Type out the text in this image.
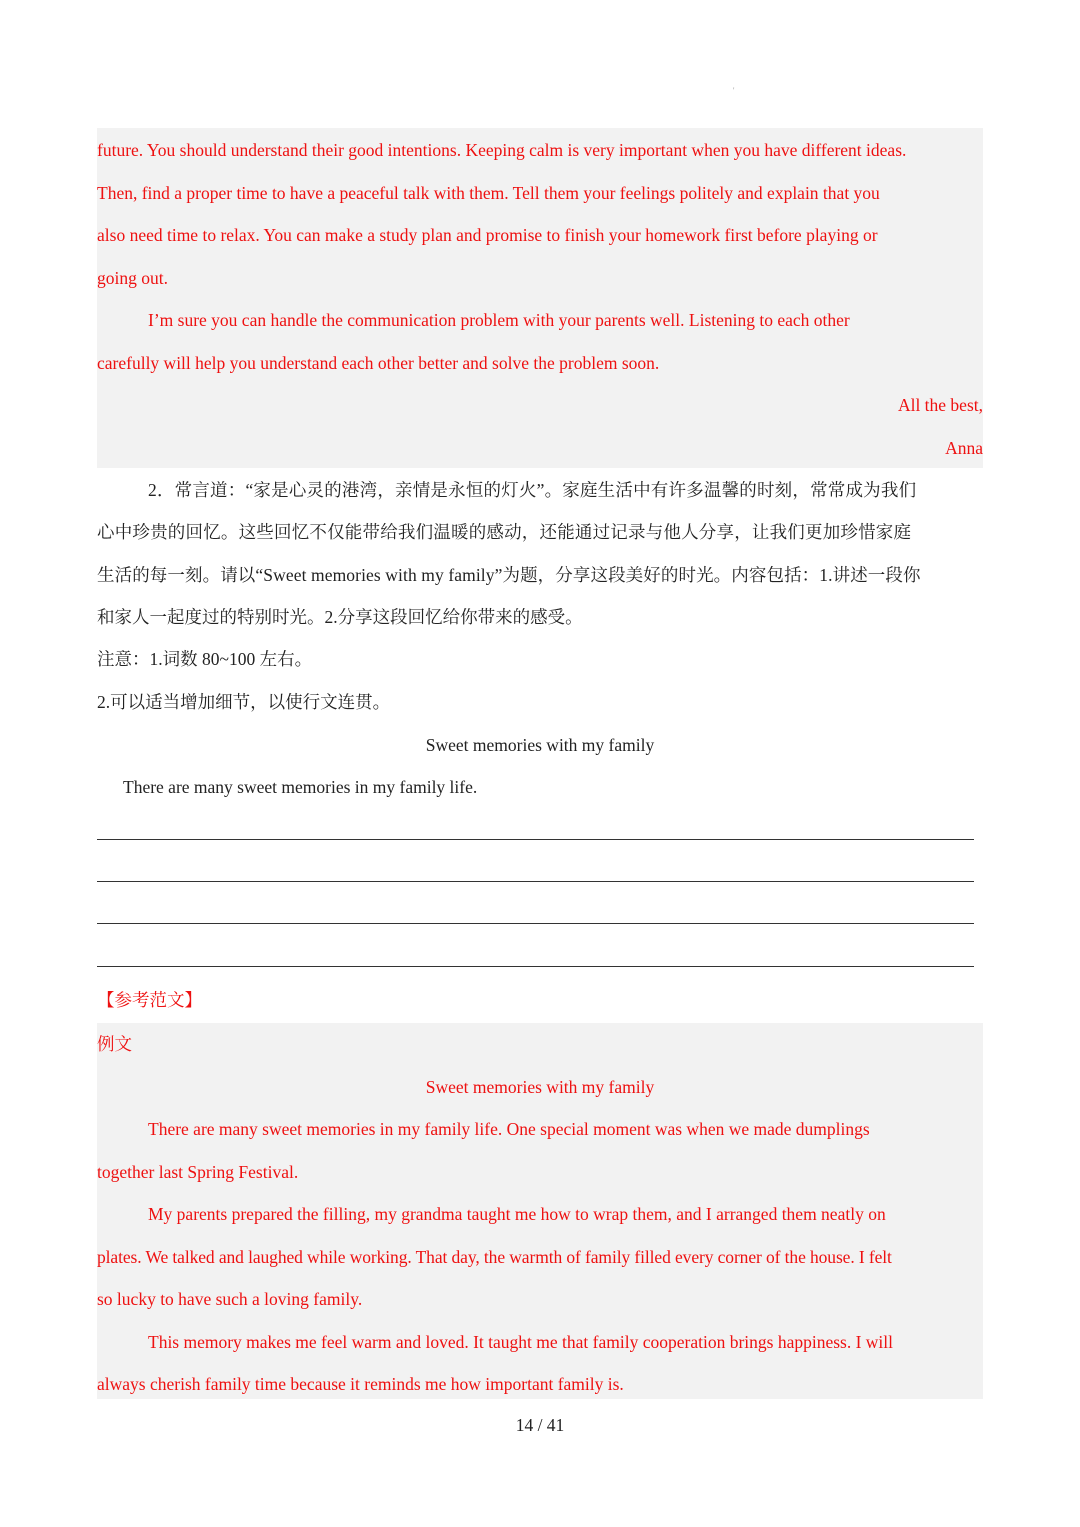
'
future. You should understand their good intentions. Keeping calm is very important when you have different ideas.
Then, find a proper time to have a peaceful talk with them. Tell them your feelings politely and explain that you
also need time to relax. You can make a study plan and promise to finish your homework first before playing or
going out.
I’m sure you can handle the communication problem with your parents well. Listening to each other
carefully will help you understand each other better and solve the problem soon.
All the best,
Anna
2．常言道：“家是心灵的港湾，亲情是永恒的灯火”。家庭生活中有许多温馨的时刻，常常成为我们
心中珍贵的回忆。这些回忆不仅能带给我们温暖的感动，还能通过记录与他人分享，让我们更加珍惜家庭
生活的每一刻。请以“Sweet memories with my family”为题，分享这段美好的时光。内容包括：1.讲述一段你
和家人一起度过的特别时光。2.分享这段回忆给你带来的感受。
注意：1.词数 80~100 左右。
2.可以适当增加细节，以使行文连贯。
Sweet memories with my family
There are many sweet memories in my family life.
【参考范文】
例文
Sweet memories with my family
There are many sweet memories in my family life. One special moment was when we made dumplings
together last Spring Festival.
My parents prepared the filling, my grandma taught me how to wrap them, and I arranged them neatly on
plates. We talked and laughed while working. That day, the warmth of family filled every corner of the house. I felt
so lucky to have such a loving family.
This memory makes me feel warm and loved. It taught me that family cooperation brings happiness. I will
always cherish family time because it reminds me how important family is.
14 / 41
